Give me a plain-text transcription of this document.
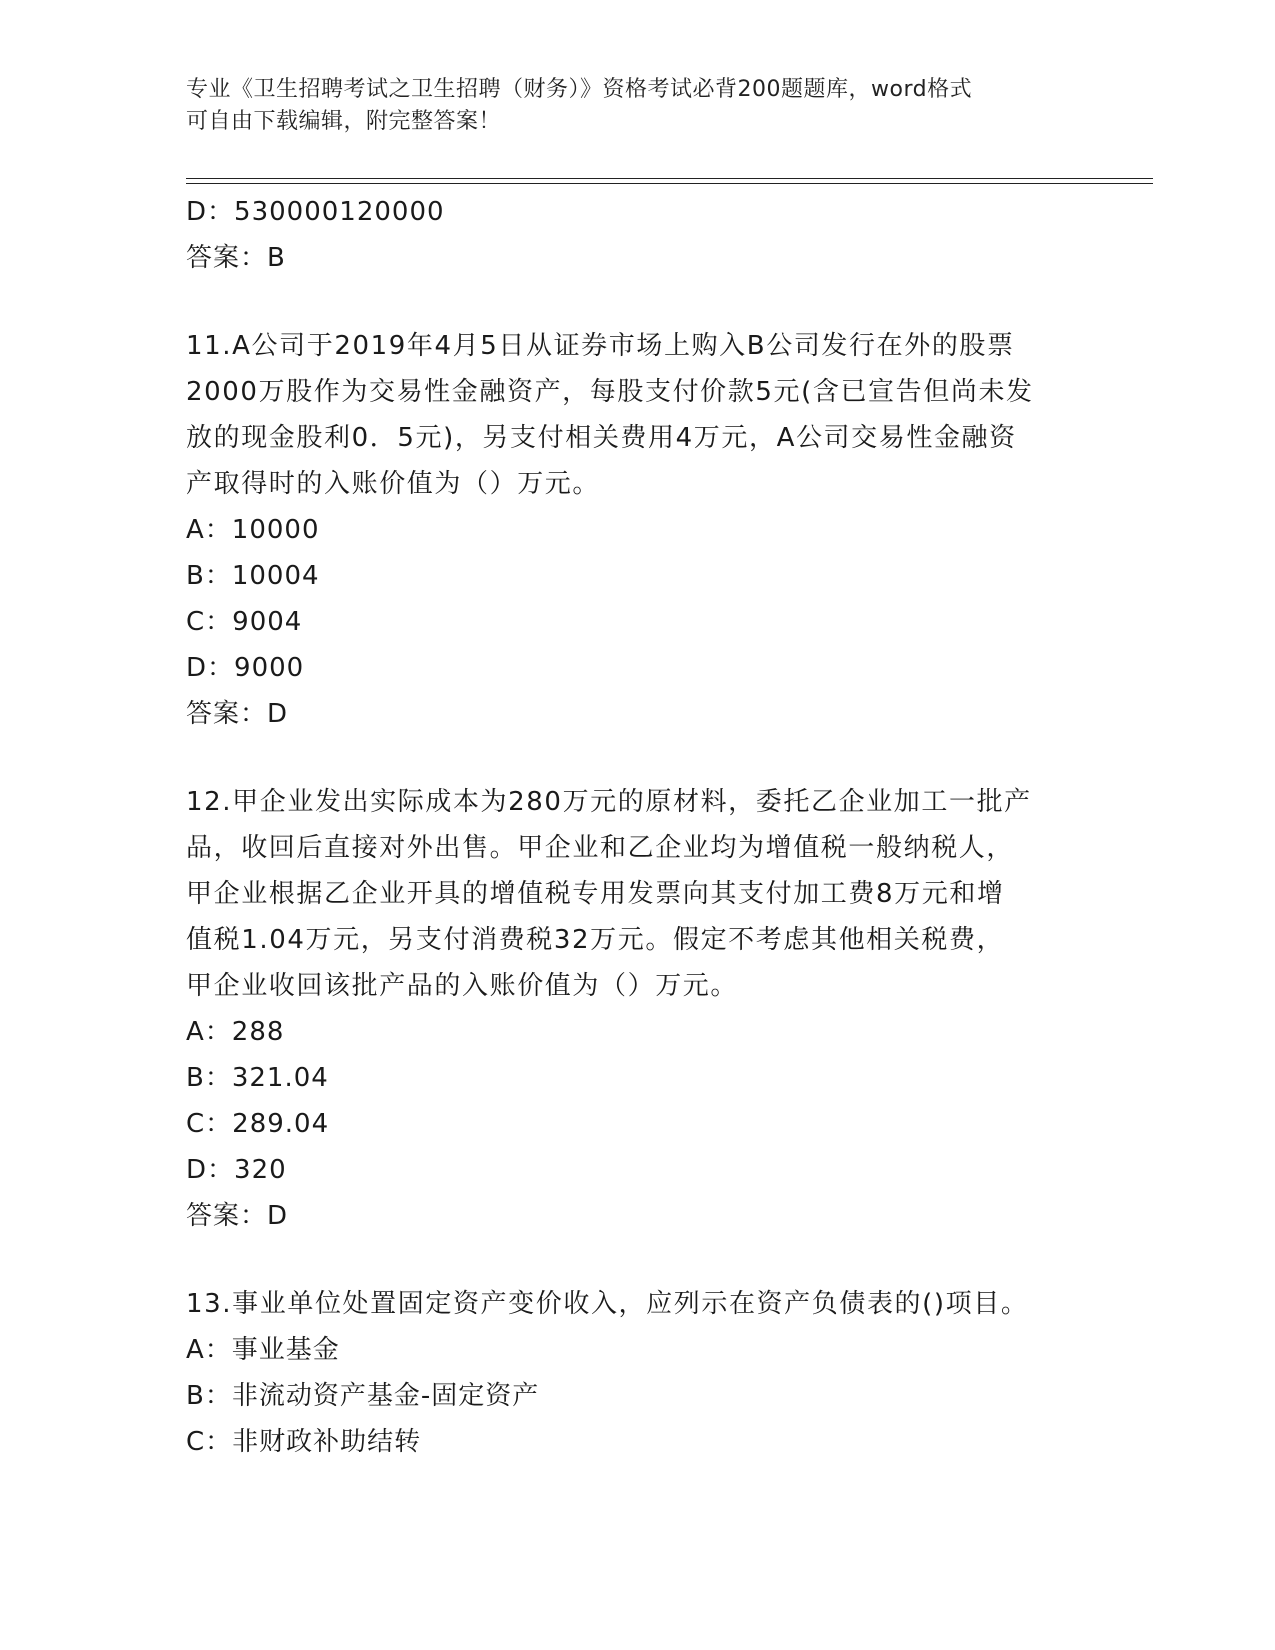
专业《卫生招聘考试之卫生招聘（财务）》资格考试必背200题题库，word格式
可自由下载编辑，附完整答案！
D：530000120000
答案：B
11.A公司于2019年4月5日从证券市场上购入B公司发行在外的股票
2000万股作为交易性金融资产，每股支付价款5元(含已宣告但尚未发
放的现金股利0．5元)，另支付相关费用4万元，A公司交易性金融资
产取得时的入账价值为（）万元。
A：10000
B：10004
C：9004
D：9000
答案：D
12.甲企业发出实际成本为280万元的原材料，委托乙企业加工一批产
品，收回后直接对外出售。甲企业和乙企业均为增值税一般纳税人，
甲企业根据乙企业开具的增值税专用发票向其支付加工费8万元和增
值税1.04万元，另支付消费税32万元。假定不考虑其他相关税费，
甲企业收回该批产品的入账价值为（）万元。
A：288
B：321.04
C：289.04
D：320
答案：D
13.事业单位处置固定资产变价收入，应列示在资产负债表的()项目。
A：事业基金
B：非流动资产基金-固定资产
C：非财政补助结转
